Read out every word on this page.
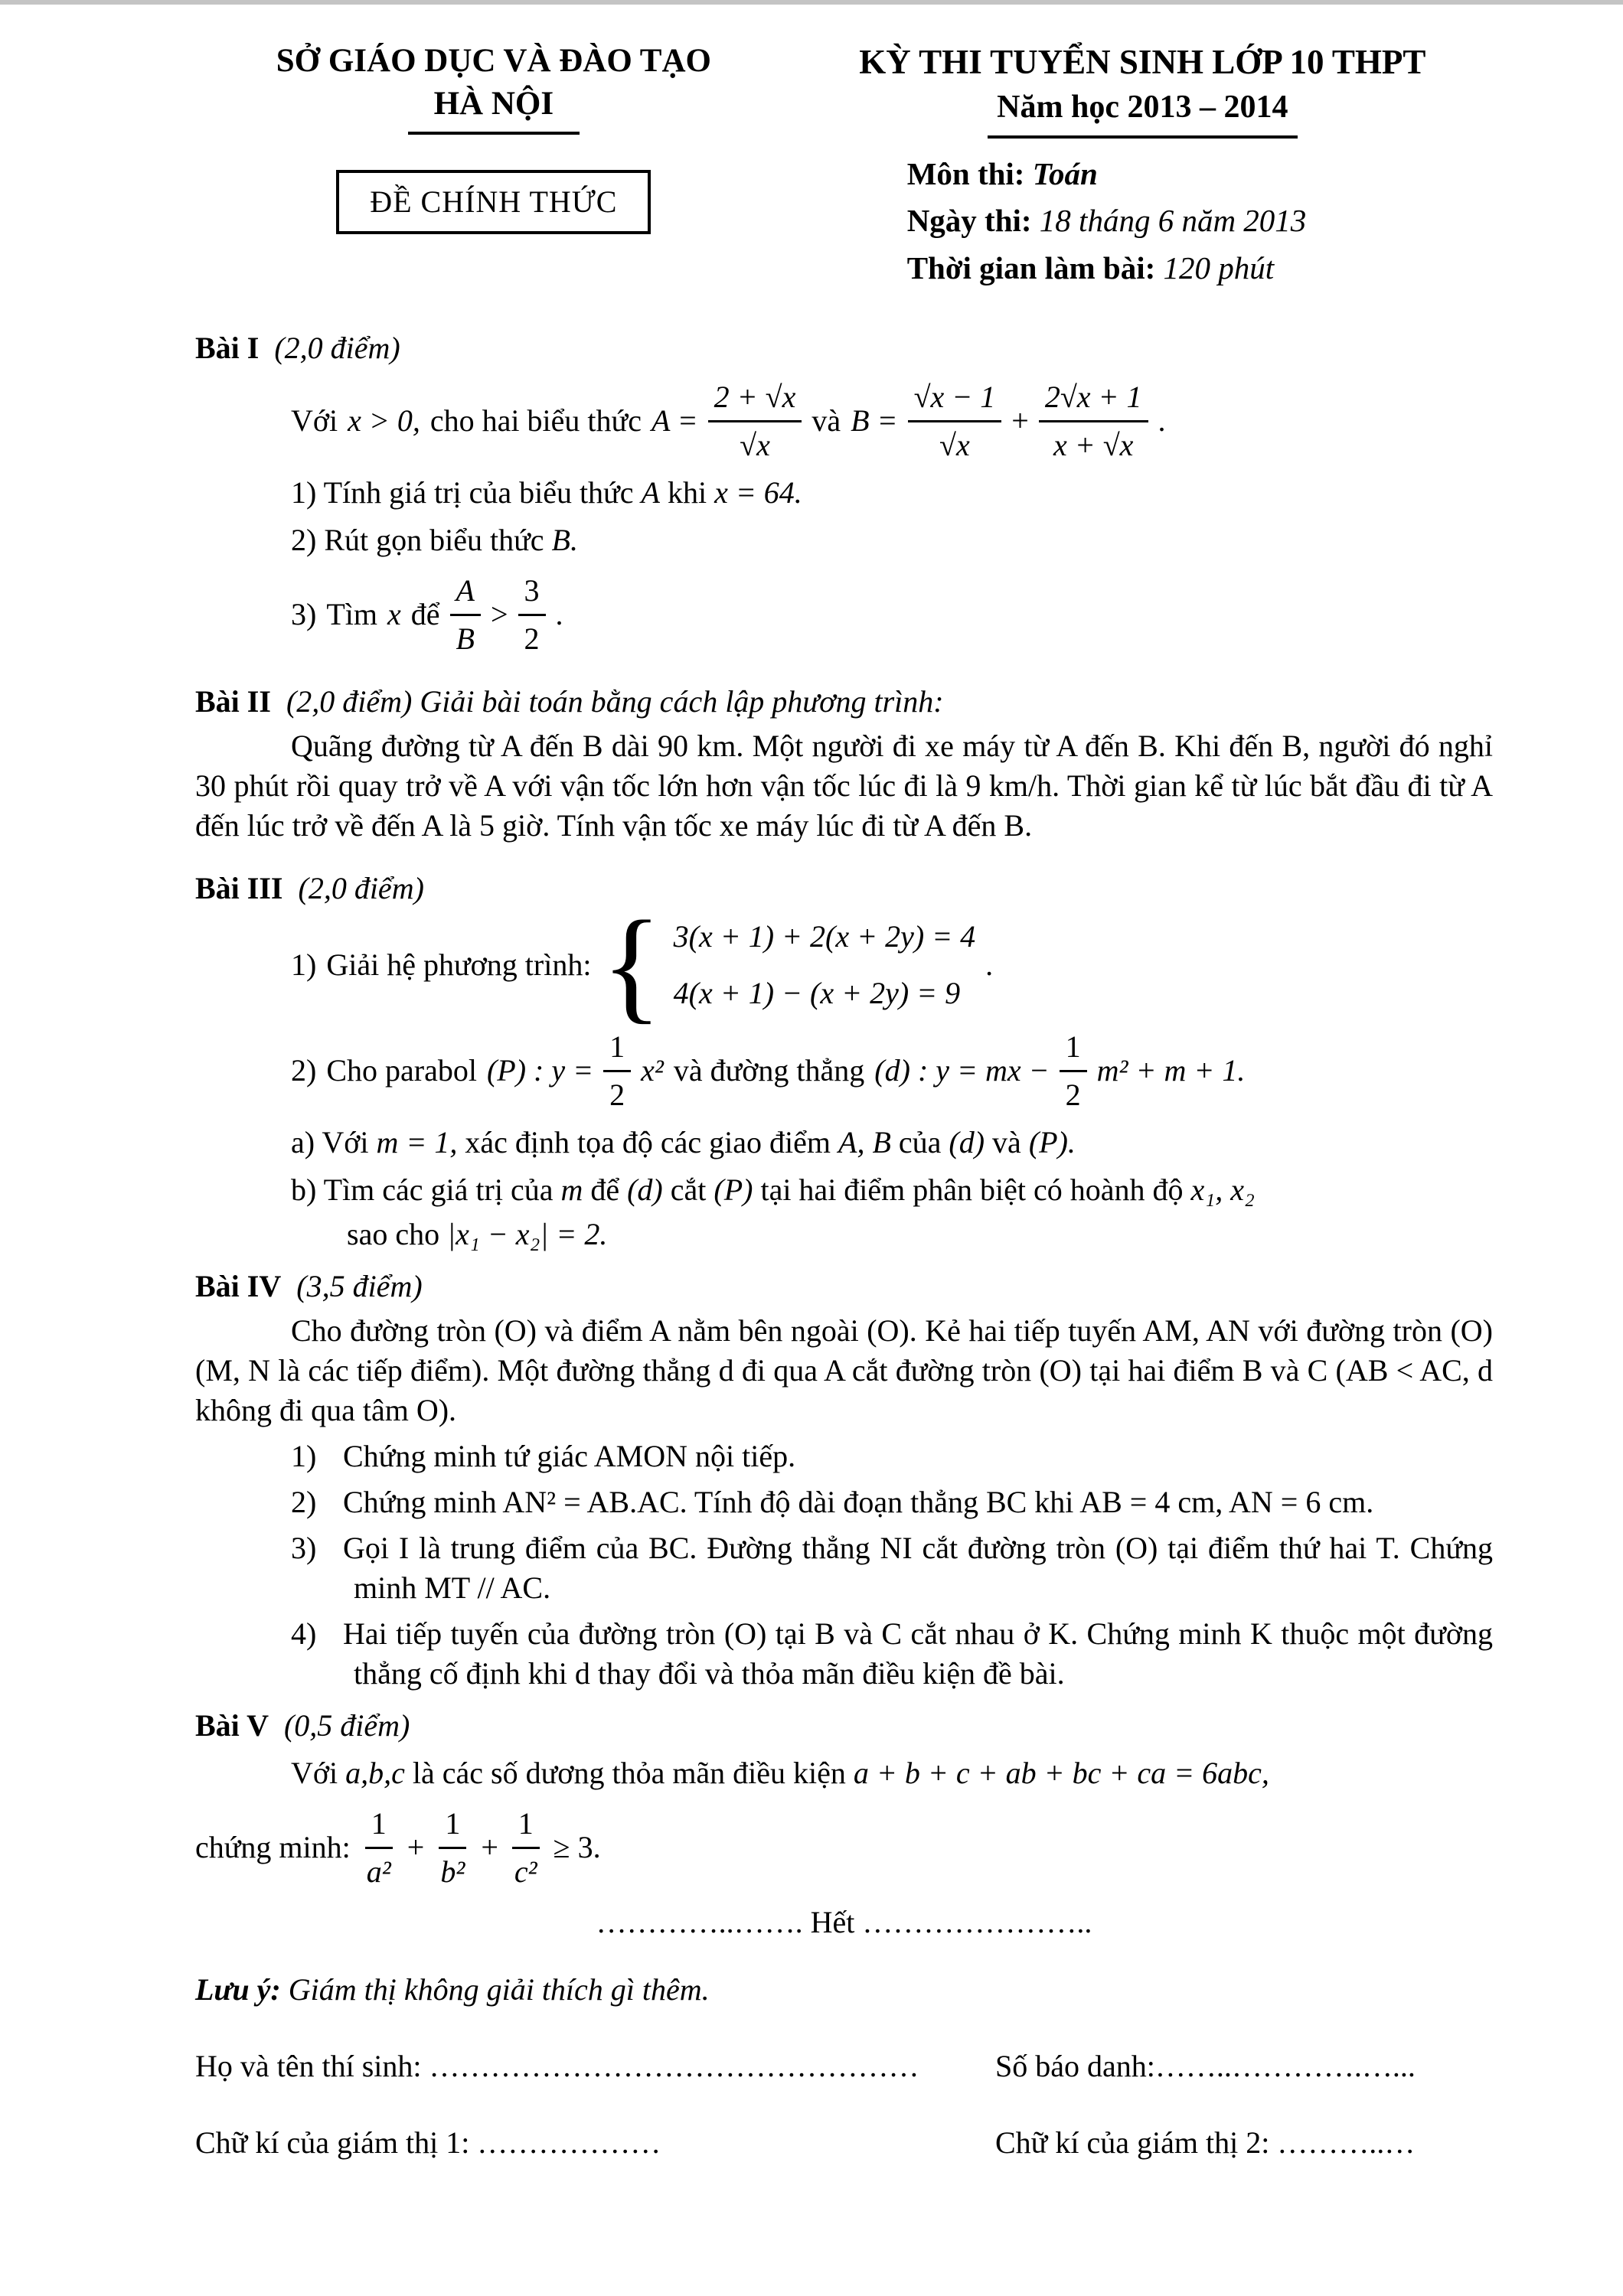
SỞ GIÁO DỤC VÀ ĐÀO TẠO
HÀ NỘI
ĐỀ CHÍNH THỨC
KỲ THI TUYỂN SINH LỚP 10 THPT
Năm học 2013 – 2014
Môn thi: Toán
Ngày thi: 18 tháng 6 năm 2013
Thời gian làm bài: 120 phút
Bài I (2,0 điểm)
Với x > 0, cho hai biểu thức $A = \frac{2 + √x}{√x}$ và $B = \frac{√x - 1}{√x} + \frac{2√x + 1}{x + √x}$ .
1) Tính giá trị của biểu thức A khi x = 64.
2) Rút gọn biểu thức B.
3) Tìm x để $\frac{A}{B} > \frac{3}{2}$ .
Bài II (2,0 điểm) Giải bài toán bằng cách lập phương trình:
Quãng đường từ A đến B dài 90 km. Một người đi xe máy từ A đến B. Khi đến B, người đó nghỉ 30 phút rồi quay trở về A với vận tốc lớn hơn vận tốc lúc đi là 9 km/h. Thời gian kể từ lúc bắt đầu đi từ A đến lúc trở về đến A là 5 giờ. Tính vận tốc xe máy lúc đi từ A đến B.
Bài III (2,0 điểm)
1) Giải hệ phương trình: { 3(x + 1) + 2(x + 2y) = 4
4(x + 1) − (x + 2y) = 9
.
2) Cho parabol (P) : $y = \frac{1}{2} x^2$ và đường thẳng (d) : y = mx − $\frac{1}{2} m^2 + m + 1$.
a) Với m = 1, xác định tọa độ các giao điểm A, B của (d) và (P).
b) Tìm các giá trị của m để (d) cắt (P) tại hai điểm phân biệt có hoành độ x₁, x₂
sao cho |x₁ − x₂| = 2.
Bài IV (3,5 điểm)
Cho đường tròn (O) và điểm A nằm bên ngoài (O). Kẻ hai tiếp tuyến AM, AN với đường tròn (O) (M, N là các tiếp điểm). Một đường thẳng d đi qua A cắt đường tròn (O) tại hai điểm B và C (AB < AC, d không đi qua tâm O).
1) Chứng minh tứ giác AMON nội tiếp.
2) Chứng minh AN² = AB.AC. Tính độ dài đoạn thẳng BC khi AB = 4 cm, AN = 6 cm.
3) Gọi I là trung điểm của BC. Đường thẳng NI cắt đường tròn (O) tại điểm thứ hai T. Chứng minh MT // AC.
4) Hai tiếp tuyến của đường tròn (O) tại B và C cắt nhau ở K. Chứng minh K thuộc một đường thẳng cố định khi d thay đổi và thỏa mãn điều kiện đề bài.
Bài V (0,5 điểm)
Với a,b,c là các số dương thỏa mãn điều kiện a + b + c + ab + bc + ca = 6abc,
chứng minh: $\frac{1}{\text{a²}} + \frac{1}{\text{b²}} + \frac{1}{\text{c²}} \ge 3$.
…………..……. Hết …………………..
Lưu ý: Giám thị không giải thích gì thêm.
Họ và tên thí sinh: …………………………………………	Số báo danh:……..………….…...
Chữ kí của giám thị 1: ………………	Chữ kí của giám thị 2: ………..…
